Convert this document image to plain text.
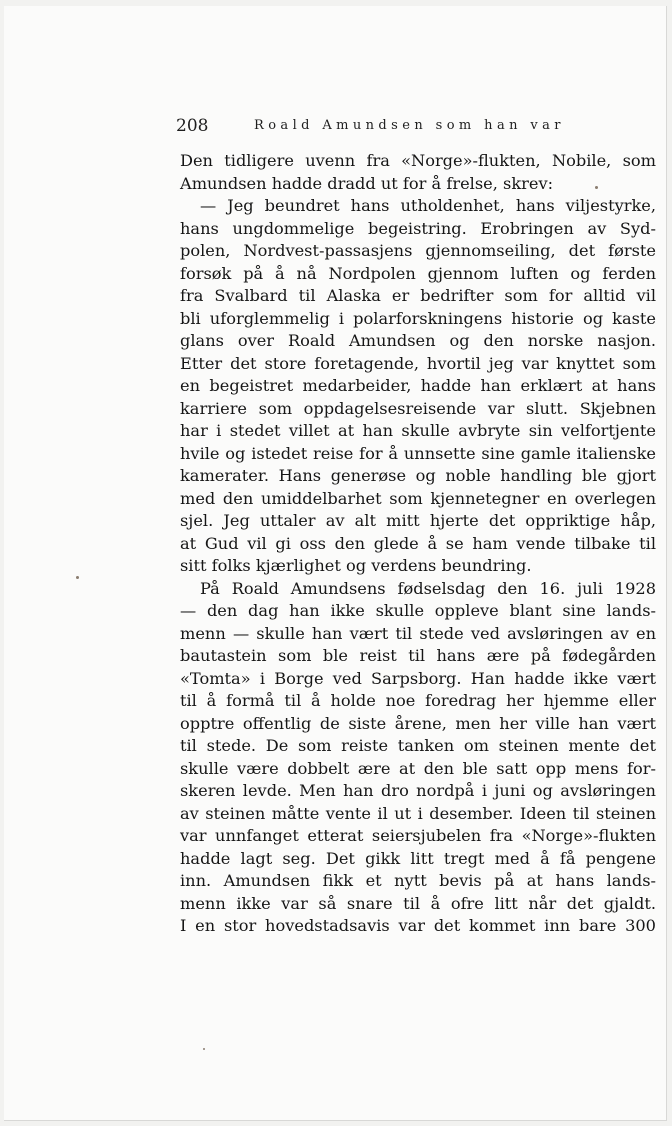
208	Roald Amundsen som han var
Den tidligere uvenn fra «Norge»-flukten, Nobile, som
Amundsen hadde dradd ut for å frelse, skrev:
— Jeg beundret hans utholdenhet, hans viljestyrke,
hans ungdommelige begeistring. Erobringen av Syd-
polen, Nordvest-passasjens gjennomseiling, det første
forsøk på å nå Nordpolen gjennom luften og ferden
fra Svalbard til Alaska er bedrifter som for alltid vil
bli uforglemmelig i polarforskningens historie og kaste
glans over Roald Amundsen og den norske nasjon.
Etter det store foretagende, hvortil jeg var knyttet som
en begeistret medarbeider, hadde han erklært at hans
karriere som oppdagelsesreisende var slutt. Skjebnen
har i stedet villet at han skulle avbryte sin velfortjente
hvile og istedet reise for å unnsette sine gamle italienske
kamerater. Hans generøse og noble handling ble gjort
med den umiddelbarhet som kjennetegner en overlegen
sjel. Jeg uttaler av alt mitt hjerte det oppriktige håp,
at Gud vil gi oss den glede å se ham vende tilbake til
sitt folks kjærlighet og verdens beundring.
På Roald Amundsens fødselsdag den 16. juli 1928
— den dag han ikke skulle oppleve blant sine lands-
menn — skulle han vært til stede ved avsløringen av en
bautastein som ble reist til hans ære på fødegården
«Tomta» i Borge ved Sarpsborg. Han hadde ikke vært
til å formå til å holde noe foredrag her hjemme eller
opptre offentlig de siste årene, men her ville han vært
til stede. De som reiste tanken om steinen mente det
skulle være dobbelt ære at den ble satt opp mens for-
skeren levde. Men han dro nordpå i juni og avsløringen
av steinen måtte vente il ut i desember. Ideen til steinen
var unnfanget etterat seiersjubelen fra «Norge»-flukten
hadde lagt seg. Det gikk litt tregt med å få pengene
inn. Amundsen fikk et nytt bevis på at hans lands-
menn ikke var så snare til å ofre litt når det gjaldt.
I en stor hovedstadsavis var det kommet inn bare 300
